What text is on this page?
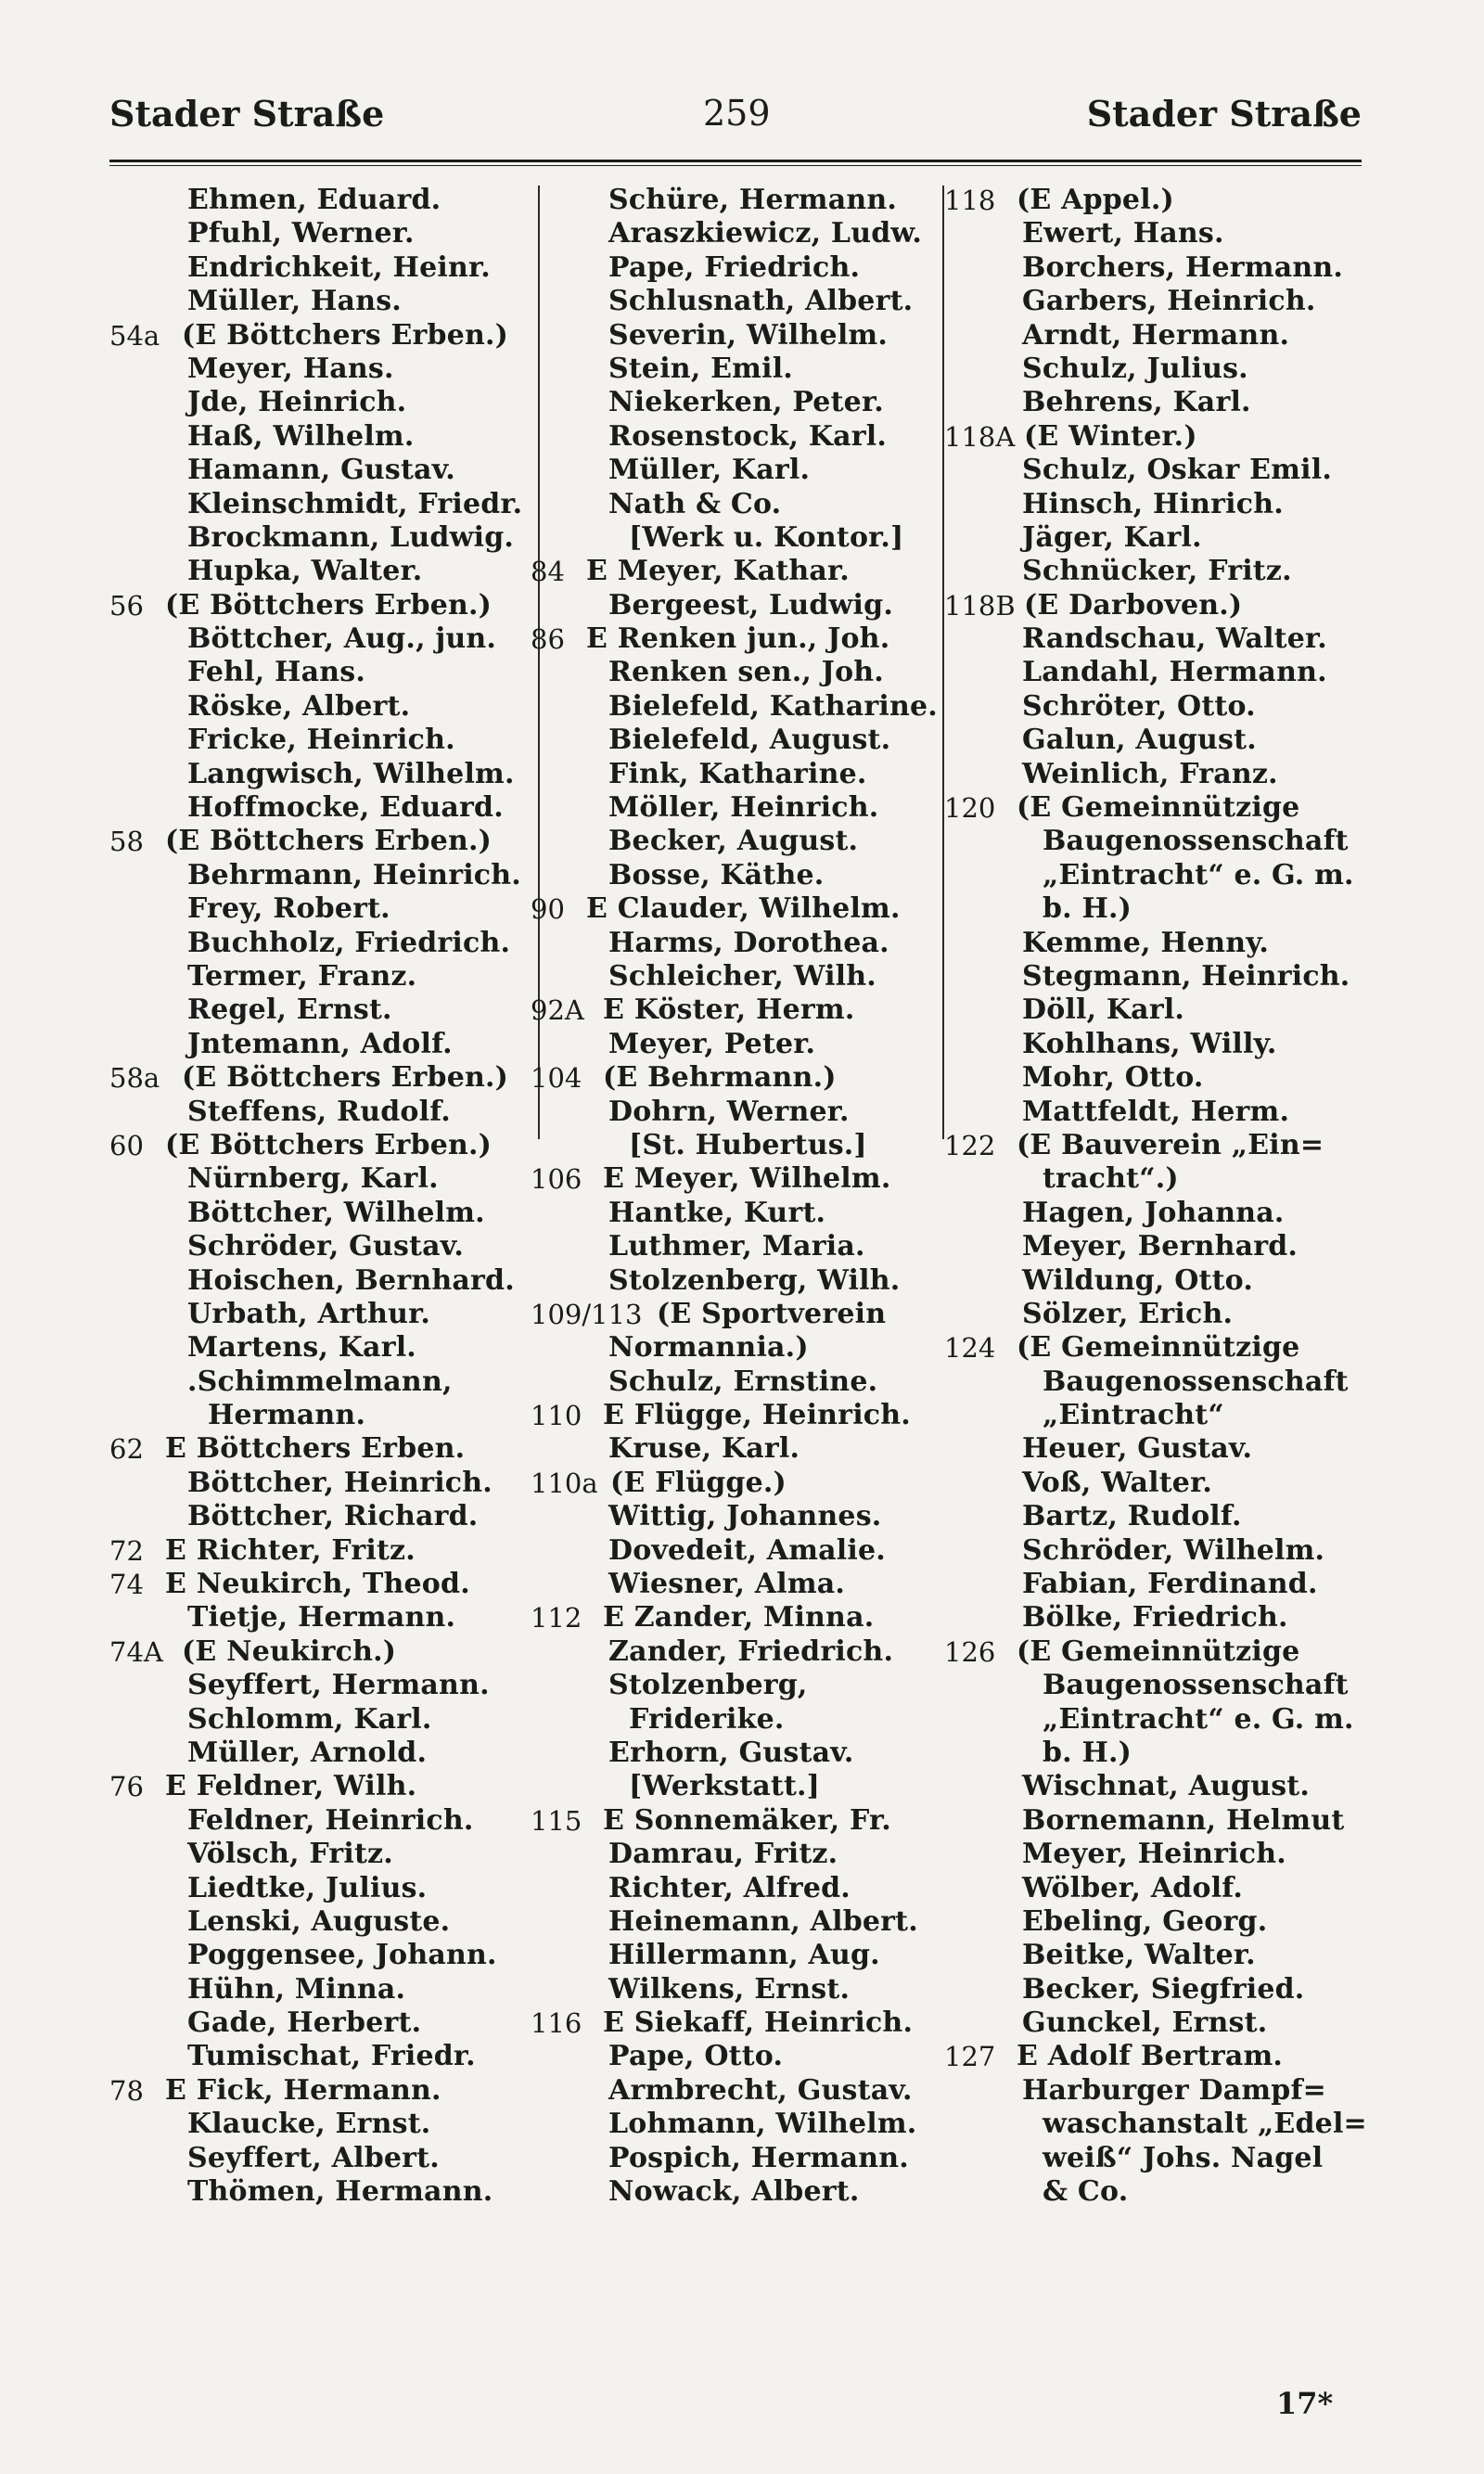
Stader Straße	259	Stader Straße
Ehmen, Eduard.
Pfuhl, Werner.
Endrichkeit, Heinr.
Müller, Hans.
54a (E Böttchers Erben.)
Meyer, Hans.
Jde, Heinrich.
Haß, Wilhelm.
Hamann, Gustav.
Kleinschmidt, Friedr.
Brockmann, Ludwig.
Hupka, Walter.
56 (E Böttchers Erben.)
Böttcher, Aug., jun.
Fehl, Hans.
Röske, Albert.
Fricke, Heinrich.
Langwisch, Wilhelm.
Hoffmocke, Eduard.
58 (E Böttchers Erben.)
Behrmann, Heinrich.
Frey, Robert.
Buchholz, Friedrich.
Termer, Franz.
Regel, Ernst.
Jntemann, Adolf.
58a (E Böttchers Erben.)
Steffens, Rudolf.
60 (E Böttchers Erben.)
Nürnberg, Karl.
Böttcher, Wilhelm.
Schröder, Gustav.
Hoischen, Bernhard.
Urbath, Arthur.
Martens, Karl.
.Schimmelmann,
Hermann.
62 E Böttchers Erben.
Böttcher, Heinrich.
Böttcher, Richard.
72 E Richter, Fritz.
74 E Neukirch, Theod.
Tietje, Hermann.
74A (E Neukirch.)
Seyffert, Hermann.
Schlomm, Karl.
Müller, Arnold.
76 E Feldner, Wilh.
Feldner, Heinrich.
Völsch, Fritz.
Liedtke, Julius.
Lenski, Auguste.
Poggensee, Johann.
Hühn, Minna.
Gade, Herbert.
Tumischat, Friedr.
78 E Fick, Hermann.
Klaucke, Ernst.
Seyffert, Albert.
Thömen, Hermann.
Schüre, Hermann.
Araszkiewicz, Ludw.
Pape, Friedrich.
Schlusnath, Albert.
Severin, Wilhelm.
Stein, Emil.
Niekerken, Peter.
Rosenstock, Karl.
Müller, Karl.
Nath & Co.
[Werk u. Kontor.]
84 E Meyer, Kathar.
Bergeest, Ludwig.
86 E Renken jun., Joh.
Renken sen., Joh.
Bielefeld, Katharine.
Bielefeld, August.
Fink, Katharine.
Möller, Heinrich.
Becker, August.
Bosse, Käthe.
90 E Clauder, Wilhelm.
Harms, Dorothea.
Schleicher, Wilh.
92A E Köster, Herm.
Meyer, Peter.
104 (E Behrmann.)
Dohrn, Werner.
[St. Hubertus.]
106 E Meyer, Wilhelm.
Hantke, Kurt.
Luthmer, Maria.
Stolzenberg, Wilh.
109/113 (E Sportverein
Normannia.)
Schulz, Ernstine.
110 E Flügge, Heinrich.
Kruse, Karl.
110a (E Flügge.)
Wittig, Johannes.
Dovedeit, Amalie.
Wiesner, Alma.
112 E Zander, Minna.
Zander, Friedrich.
Stolzenberg,
Friderike.
Erhorn, Gustav.
[Werkstatt.]
115 E Sonnemäker, Fr.
Damrau, Fritz.
Richter, Alfred.
Heinemann, Albert.
Hillermann, Aug.
Wilkens, Ernst.
116 E Siekaff, Heinrich.
Pape, Otto.
Armbrecht, Gustav.
Lohmann, Wilhelm.
Pospich, Hermann.
Nowack, Albert.
118 (E Appel.)
Ewert, Hans.
Borchers, Hermann.
Garbers, Heinrich.
Arndt, Hermann.
Schulz, Julius.
Behrens, Karl.
118A (E Winter.)
Schulz, Oskar Emil.
Hinsch, Hinrich.
Jäger, Karl.
Schnücker, Fritz.
118B (E Darboven.)
Randschau, Walter.
Landahl, Hermann.
Schröter, Otto.
Galun, August.
Weinlich, Franz.
120 (E Gemeinnützige
Baugenossenschaft
„Eintracht“ e. G. m.
b. H.)
Kemme, Henny.
Stegmann, Heinrich.
Döll, Karl.
Kohlhans, Willy.
Mohr, Otto.
Mattfeldt, Herm.
122 (E Bauverein „Ein=
tracht“.)
Hagen, Johanna.
Meyer, Bernhard.
Wildung, Otto.
Sölzer, Erich.
124 (E Gemeinnützige
Baugenossenschaft
„Eintracht“
Heuer, Gustav.
Voß, Walter.
Bartz, Rudolf.
Schröder, Wilhelm.
Fabian, Ferdinand.
Bölke, Friedrich.
126 (E Gemeinnützige
Baugenossenschaft
„Eintracht“ e. G. m.
b. H.)
Wischnat, August.
Bornemann, Helmut
Meyer, Heinrich.
Wölber, Adolf.
Ebeling, Georg.
Beitke, Walter.
Becker, Siegfried.
Gunckel, Ernst.
127 E Adolf Bertram.
Harburger Dampf=
waschanstalt „Edel=
weiß“ Johs. Nagel
& Co.
17*
